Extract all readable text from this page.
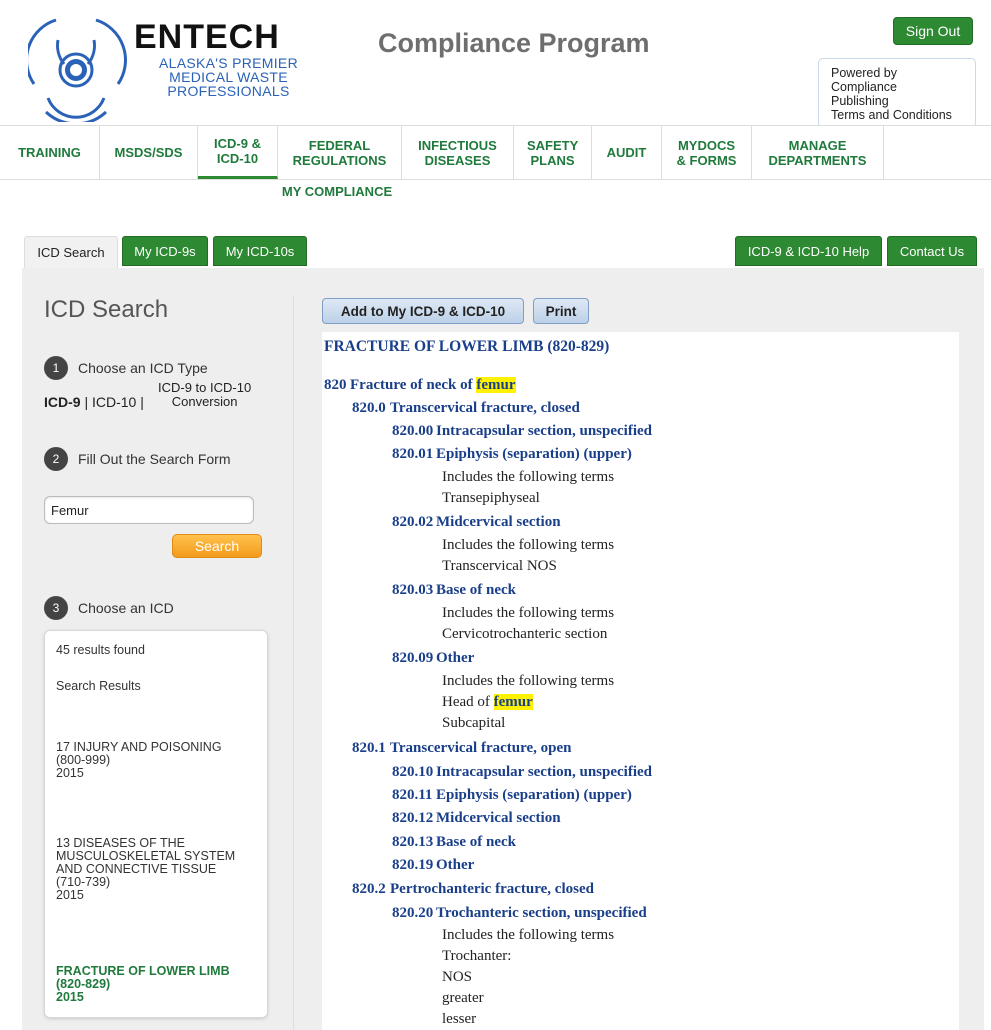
ENTECH
ALASKA'S PREMIER
MEDICAL WASTE
PROFESSIONALS
Compliance Program	Sign Out
Powered by
Compliance
Publishing
Terms and Conditions
TRAINING	MSDS/SDS
ICD-9 & ICD-10
FEDERAL REGULATIONS
INFECTIOUS DISEASES
SAFETY PLANS	AUDIT	MYDOCS & FORMS
MANAGE DEPARTMENTS
MY COMPLIANCE
ICD Search	My ICD-9s	My ICD-10s	ICD-9 & ICD-10 Help	Contact Us
ICD Search
1	Choose an ICD Type
ICD-9 | ICD-10 |
ICD-9 to ICD-10
Conversion
2	Fill Out the Search Form
Femur
Search
3	Choose an ICD
45 results found
Search Results
17 INJURY AND POISONING
(800-999)
2015
13 DISEASES OF THE
MUSCULOSKELETAL SYSTEM
AND CONNECTIVE TISSUE
(710-739)
2015
FRACTURE OF LOWER LIMB
(820-829)
2015
Add to My ICD-9 & ICD-10	Print
FRACTURE OF LOWER LIMB (820-829)
820 Fracture of neck of femur
820.0 Transcervical fracture, closed
820.00 Intracapsular section, unspecified
820.01 Epiphysis (separation) (upper)
Includes the following terms
Transepiphyseal
820.02 Midcervical section
Includes the following terms
Transcervical NOS
820.03 Base of neck
Includes the following terms
Cervicotrochanteric section
820.09 Other
Includes the following terms
Head of femur
Subcapital
820.1 Transcervical fracture, open
820.10 Intracapsular section, unspecified
820.11 Epiphysis (separation) (upper)
820.12 Midcervical section
820.13 Base of neck
820.19 Other
820.2 Pertrochanteric fracture, closed
820.20 Trochanteric section, unspecified
Includes the following terms
Trochanter:
NOS
greater
lesser
